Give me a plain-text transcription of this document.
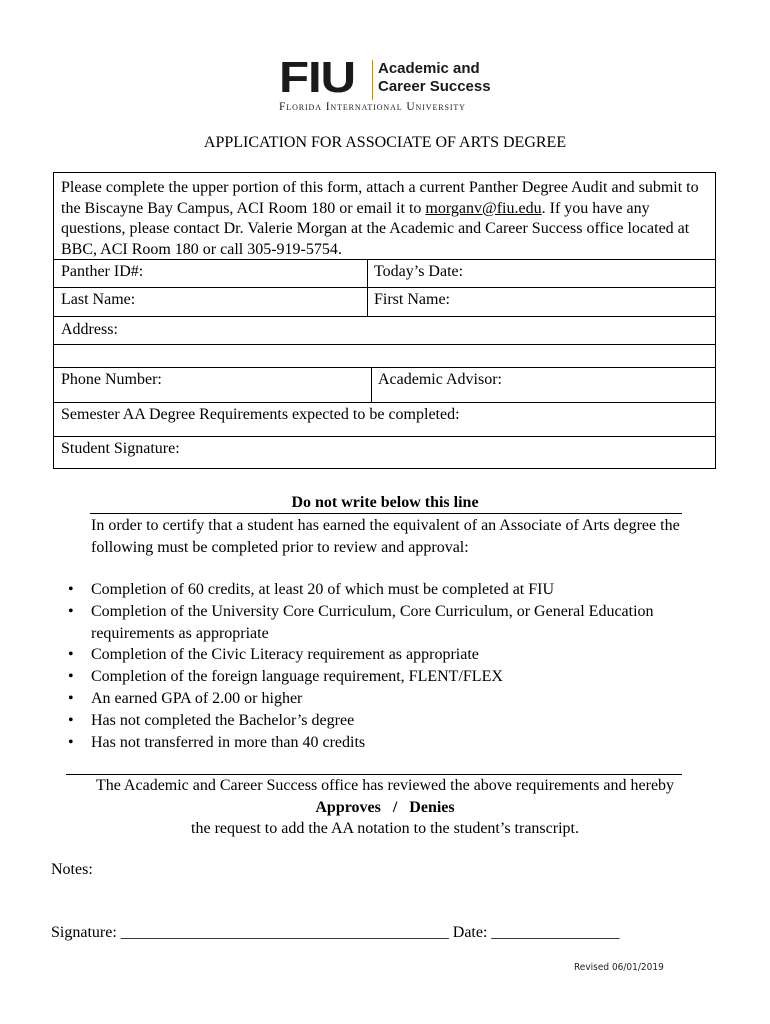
FIU Academic and
Career Success
Florida International University
APPLICATION FOR ASSOCIATE OF ARTS DEGREE
Please complete the upper portion of this form, attach a current Panther Degree Audit and submit to the Biscayne Bay Campus, ACI Room 180 or email it to morganv@fiu.edu. If you have any questions, please contact Dr. Valerie Morgan at the Academic and Career Success office located at BBC, ACI Room 180 or call 305-919-5754.
Panther ID#:	Today’s Date:
Last Name:	First Name:
Address:
Phone Number:	Academic Advisor:
Semester AA Degree Requirements expected to be completed:
Student Signature:
Do not write below this line
In order to certify that a student has earned the equivalent of an Associate of Arts degree the following must be completed prior to review and approval:
• Completion of 60 credits, at least 20 of which must be completed at FIU
• Completion of the University Core Curriculum, Core Curriculum, or General Education requirements as appropriate
• Completion of the Civic Literacy requirement as appropriate
• Completion of the foreign language requirement, FLENT/FLEX
• An earned GPA of 2.00 or higher
• Has not completed the Bachelor’s degree
• Has not transferred in more than 40 credits
The Academic and Career Success office has reviewed the above requirements and hereby
Approves   /   Denies
the request to add the AA notation to the student’s transcript.
Notes:
Signature: _________________________________________ Date: ________________
Revised 06/01/2019
